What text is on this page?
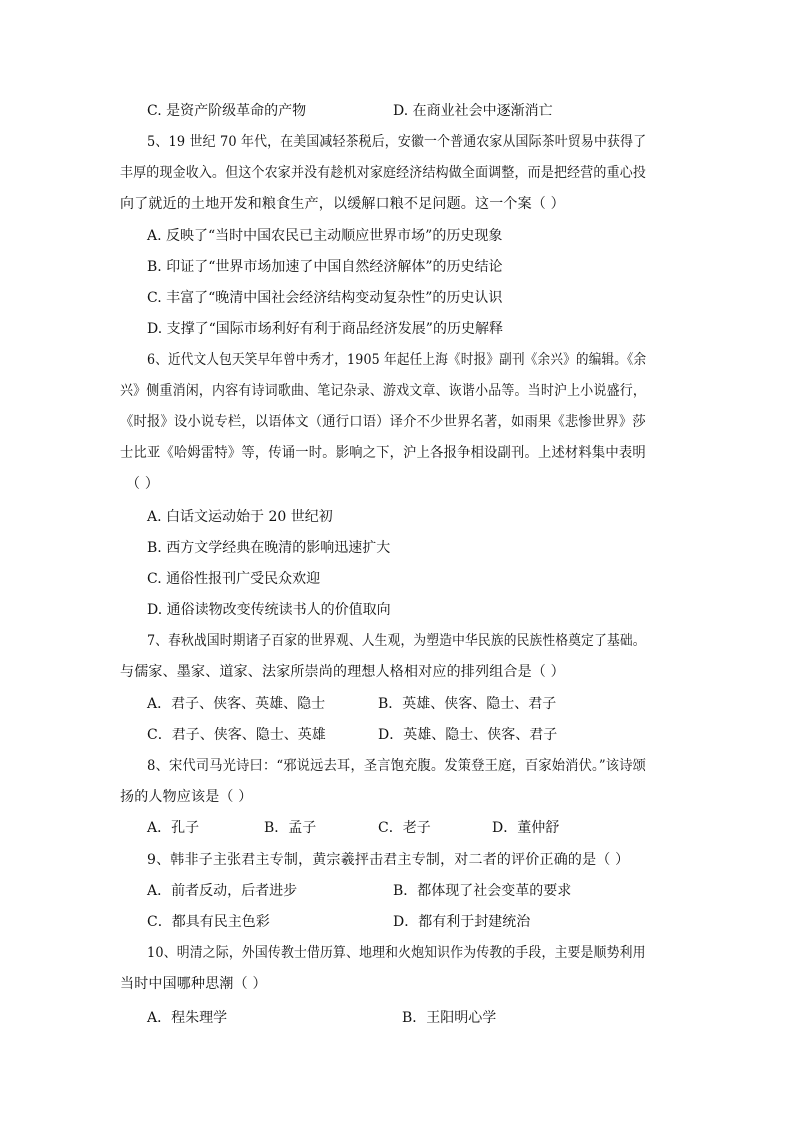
C. 是资产阶级革命的产物	D. 在商业社会中逐渐消亡
5、19 世纪 70 年代，在美国减轻茶税后，安徽一个普通农家从国际茶叶贸易中获得了
丰厚的现金收入。但这个农家并没有趁机对家庭经济结构做全面调整，而是把经营的重心投
向了就近的土地开发和粮食生产，以缓解口粮不足问题。这一个案（ ）
A. 反映了“当时中国农民已主动顺应世界市场”的历史现象
B. 印证了“世界市场加速了中国自然经济解体”的历史结论
C. 丰富了“晚清中国社会经济结构变动复杂性”的历史认识
D. 支撑了“国际市场利好有利于商品经济发展”的历史解释
6、近代文人包天笑早年曾中秀才，1905 年起任上海《时报》副刊《余兴》的编辑。《余
兴》侧重消闲，内容有诗词歌曲、笔记杂录、游戏文章、诙谐小品等。当时沪上小说盛行，
《时报》设小说专栏，以语体文（通行口语）译介不少世界名著，如雨果《悲惨世界》莎
士比亚《哈姆雷特》等，传诵一时。影响之下，沪上各报争相设副刊。上述材料集中表明
（ ）
A. 白话文运动始于 20 世纪初
B. 西方文学经典在晚清的影响迅速扩大
C. 通俗性报刊广受民众欢迎
D. 通俗读物改变传统读书人的价值取向
7、春秋战国时期诸子百家的世界观、人生观，为塑造中华民族的民族性格奠定了基础。
与儒家、墨家、道家、法家所崇尚的理想人格相对应的排列组合是（ ）
A．君子、侠客、英雄、隐士	B．英雄、侠客、隐士、君子
C．君子、侠客、隐士、英雄	D．英雄、隐士、侠客、君子
8、宋代司马光诗曰：“邪说远去耳，圣言饱充腹。发策登王庭，百家始消伏。”该诗颂
扬的人物应该是（ ）
A．孔子	B．孟子	C．老子	D．董仲舒
9、韩非子主张君主专制，黄宗羲抨击君主专制，对二者的评价正确的是（ ）
A．前者反动，后者进步	B．都体现了社会变革的要求
C．都具有民主色彩	D．都有利于封建统治
10、明清之际，外国传教士借历算、地理和火炮知识作为传教的手段，主要是顺势利用
当时中国哪种思潮（ ）
A．程朱理学	B．王阳明心学
